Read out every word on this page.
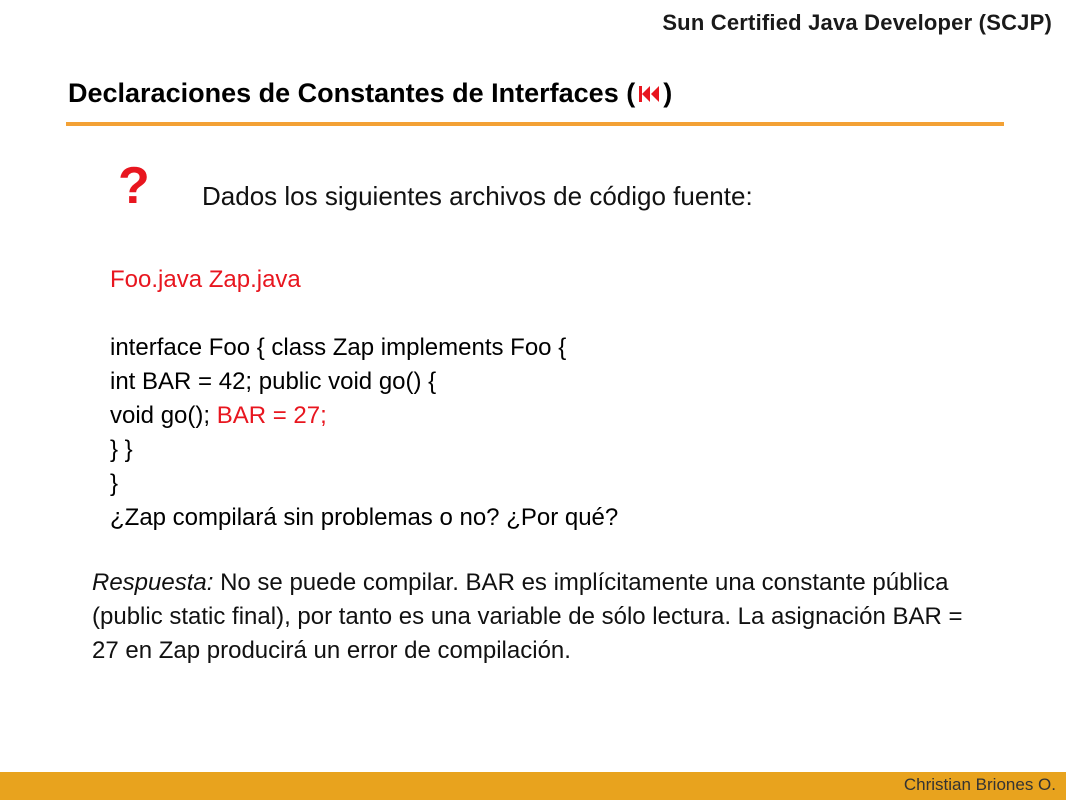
Sun Certified Java Developer (SCJP)
Declaraciones de Constantes de Interfaces ( )
? Dados los siguientes archivos de código fuente:
Foo.java Zap.java
interface Foo { class Zap implements Foo {
int BAR = 42; public void go() {
void go(); BAR = 27;
} }
}
¿Zap compilará sin problemas o no? ¿Por qué?
Respuesta: No se puede compilar. BAR es implícitamente una constante pública (public static final), por tanto es una variable de sólo lectura. La asignación BAR = 27 en Zap producirá un error de compilación.
Christian Briones O.
